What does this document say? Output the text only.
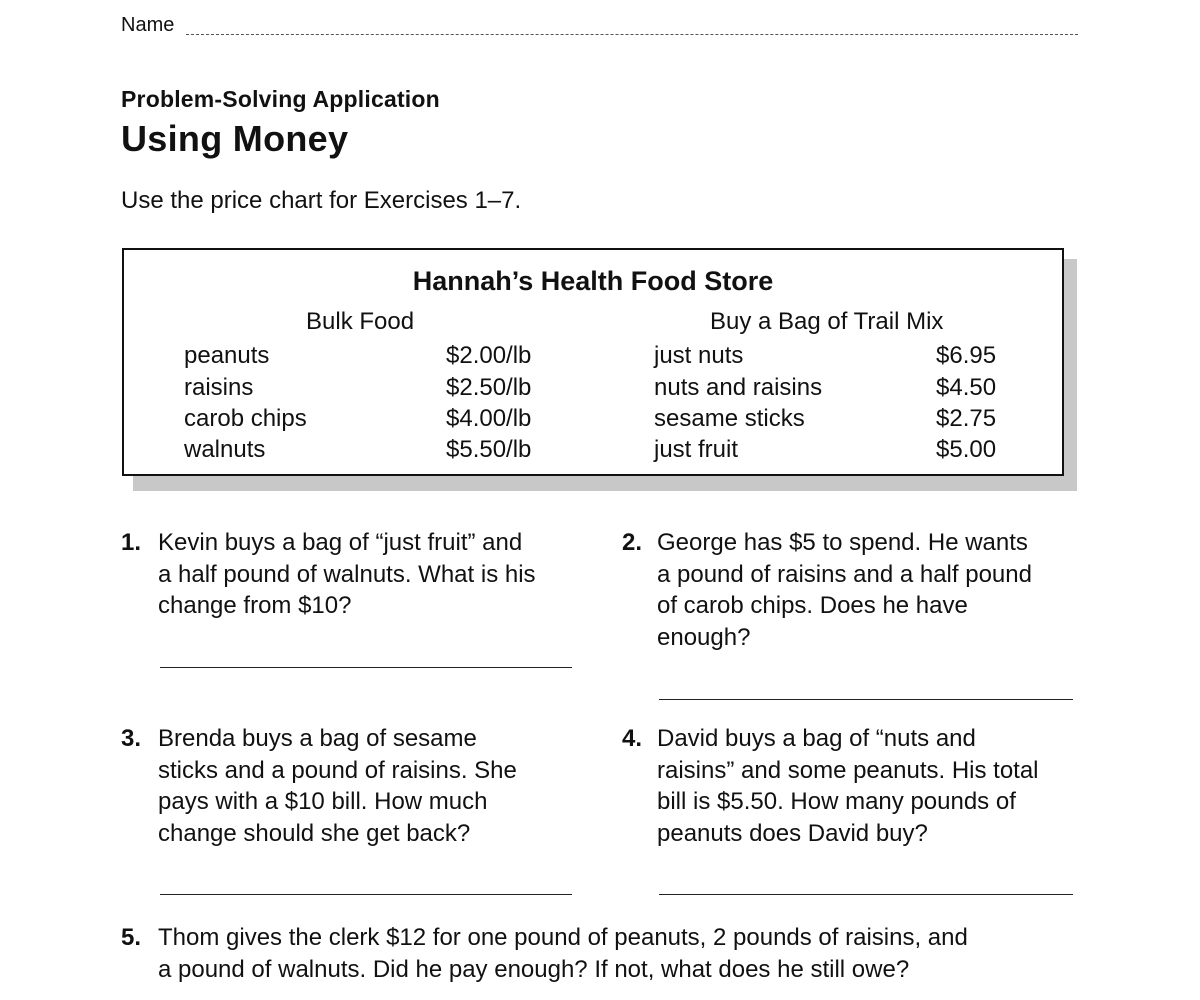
Name
Problem-Solving Application
Using Money
Use the price chart for Exercises 1–7.
Hannah’s Health Food Store
Bulk Food	Buy a Bag of Trail Mix
peanuts	$2.00/lb	just nuts	$6.95
raisins	$2.50/lb	nuts and raisins	$4.50
carob chips	$4.00/lb	sesame sticks	$2.75
walnuts	$5.50/lb	just fruit	$5.00
1. Kevin buys a bag of “just fruit” and
a half pound of walnuts. What is his
change from $10?
2. George has $5 to spend. He wants
a pound of raisins and a half pound
of carob chips. Does he have
enough?
3. Brenda buys a bag of sesame
sticks and a pound of raisins. She
pays with a $10 bill. How much
change should she get back?
4. David buys a bag of “nuts and
raisins” and some peanuts. His total
bill is $5.50. How many pounds of
peanuts does David buy?
5. Thom gives the clerk $12 for one pound of peanuts, 2 pounds of raisins, and
a pound of walnuts. Did he pay enough? If not, what does he still owe?
